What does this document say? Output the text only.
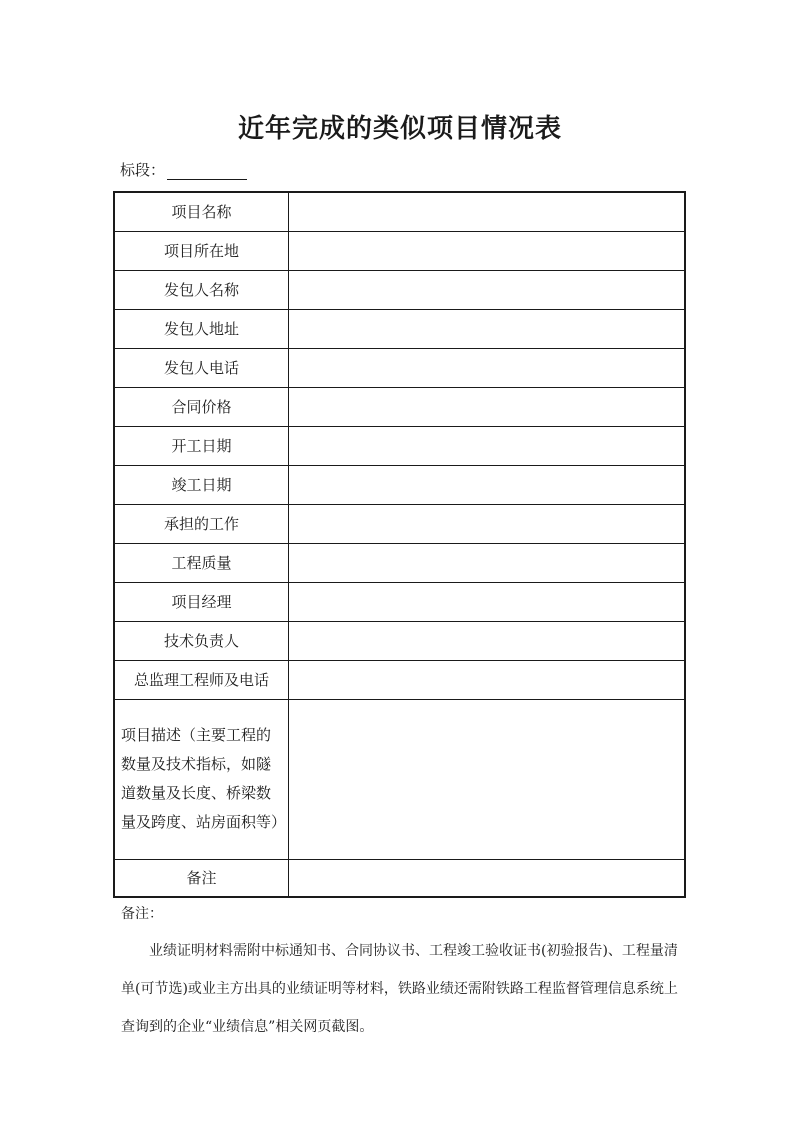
近年完成的类似项目情况表
标段：
项目名称	
项目所在地	
发包人名称	
发包人地址	
发包人电话	
合同价格	
开工日期	
竣工日期	
承担的工作	
工程质量	
项目经理	
技术负责人	
总监理工程师及电话	
项目描述（主要工程的数量及技术指标，如隧道数量及长度、桥梁数量及跨度、站房面积等）	
备注	
备注：
业绩证明材料需附中标通知书、合同协议书、工程竣工验收证书(初验报告)、工程量清单(可节选)或业主方出具的业绩证明等材料，铁路业绩还需附铁路工程监督管理信息系统上查询到的企业“业绩信息”相关网页截图。
